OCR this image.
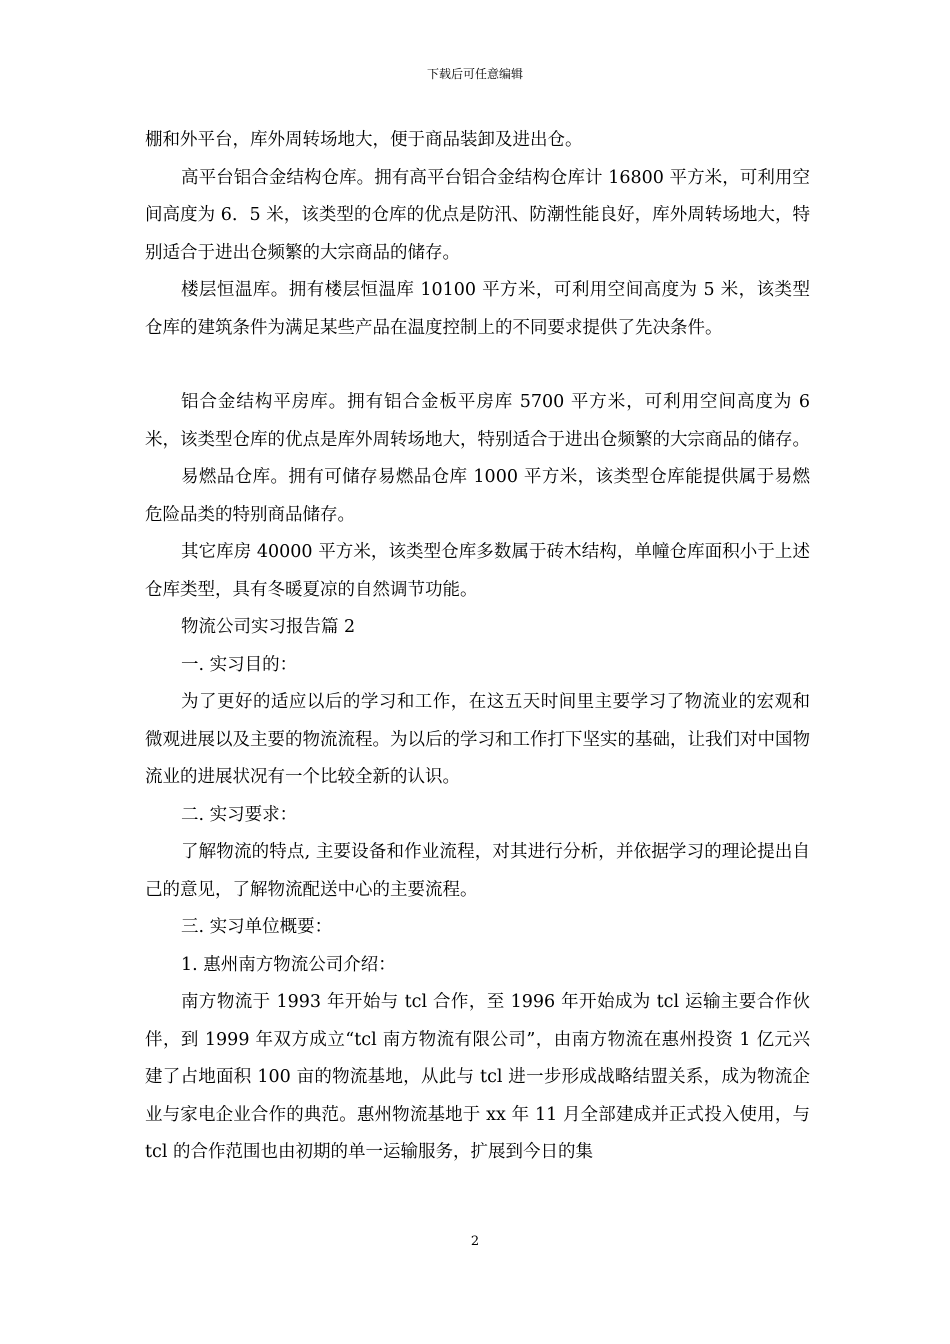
下载后可任意编辑

棚和外平台，库外周转场地大，便于商品装卸及进出仓。

高平台铝合金结构仓库。拥有高平台铝合金结构仓库计 16800 平方米，可利用空间高度为 6．5 米，该类型的仓库的优点是防汛、防潮性能良好，库外周转场地大，特别适合于进出仓频繁的大宗商品的储存。

楼层恒温库。拥有楼层恒温库 10100 平方米，可利用空间高度为 5 米，该类型仓库的建筑条件为满足某些产品在温度控制上的不同要求提供了先决条件。

铝合金结构平房库。拥有铝合金板平房库 5700 平方米，可利用空间高度为 6 米，该类型仓库的优点是库外周转场地大，特别适合于进出仓频繁的大宗商品的储存。

易燃品仓库。拥有可储存易燃品仓库 1000 平方米，该类型仓库能提供属于易燃危险品类的特别商品储存。

其它库房 40000 平方米，该类型仓库多数属于砖木结构，单幢仓库面积小于上述仓库类型，具有冬暖夏凉的自然调节功能。

物流公司实习报告篇 2

一. 实习目的：

为了更好的适应以后的学习和工作，在这五天时间里主要学习了物流业的宏观和微观进展以及主要的物流流程。为以后的学习和工作打下坚实的基础，让我们对中国物流业的进展状况有一个比较全新的认识。

二. 实习要求：

了解物流的特点, 主要设备和作业流程，对其进行分析，并依据学习的理论提出自己的意见，了解物流配送中心的主要流程。

三. 实习单位概要：

1. 惠州南方物流公司介绍：

南方物流于 1993 年开始与 tcl 合作，至 1996 年开始成为 tcl 运输主要合作伙伴，到 1999 年双方成立“tcl 南方物流有限公司”，由南方物流在惠州投资 1 亿元兴建了占地面积 100 亩的物流基地，从此与 tcl 进一步形成战略结盟关系，成为物流企业与家电企业合作的典范。惠州物流基地于 xx 年 11 月全部建成并正式投入使用，与 tcl 的合作范围也由初期的单一运输服务，扩展到今日的集

2
